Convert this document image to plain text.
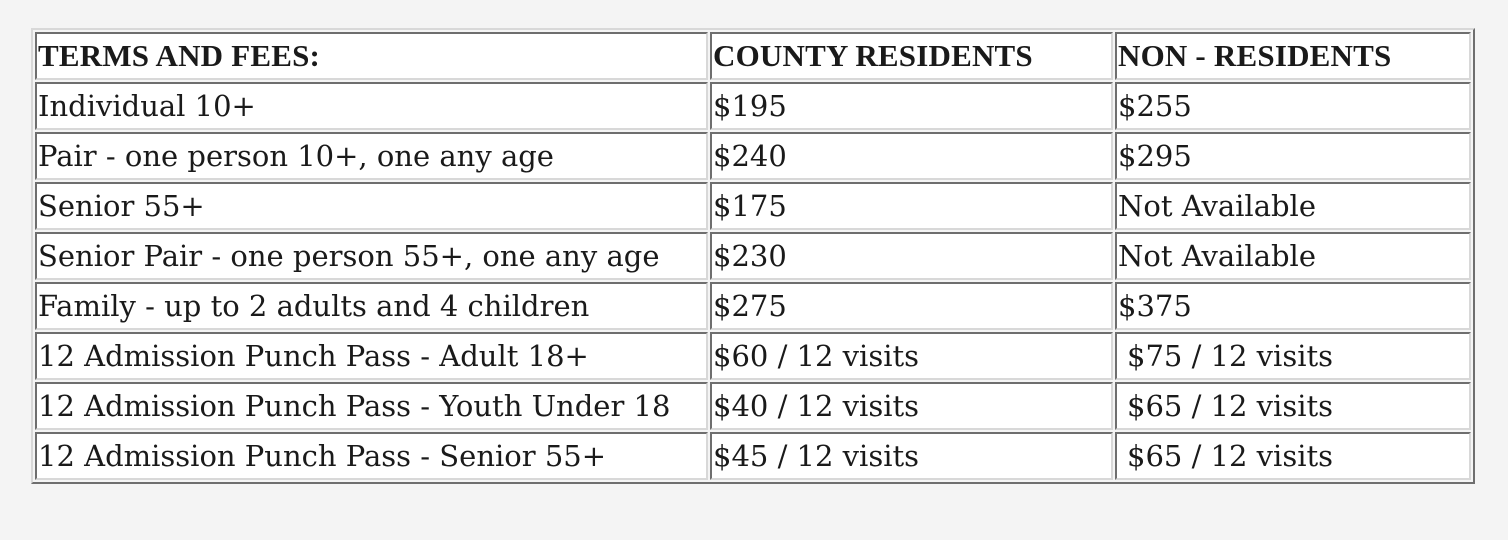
TERMS AND FEES:	COUNTY RESIDENTS	NON - RESIDENTS
Individual 10+	$195	$255
Pair - one person 10+, one any age	$240	$295
Senior 55+	$175	Not Available
Senior Pair - one person 55+, one any age	$230	Not Available
Family - up to 2 adults and 4 children	$275	$375
12 Admission Punch Pass - Adult 18+	$60 / 12 visits	$75 / 12 visits
12 Admission Punch Pass - Youth Under 18	$40 / 12 visits	$65 / 12 visits
12 Admission Punch Pass - Senior 55+	$45 / 12 visits	$65 / 12 visits
